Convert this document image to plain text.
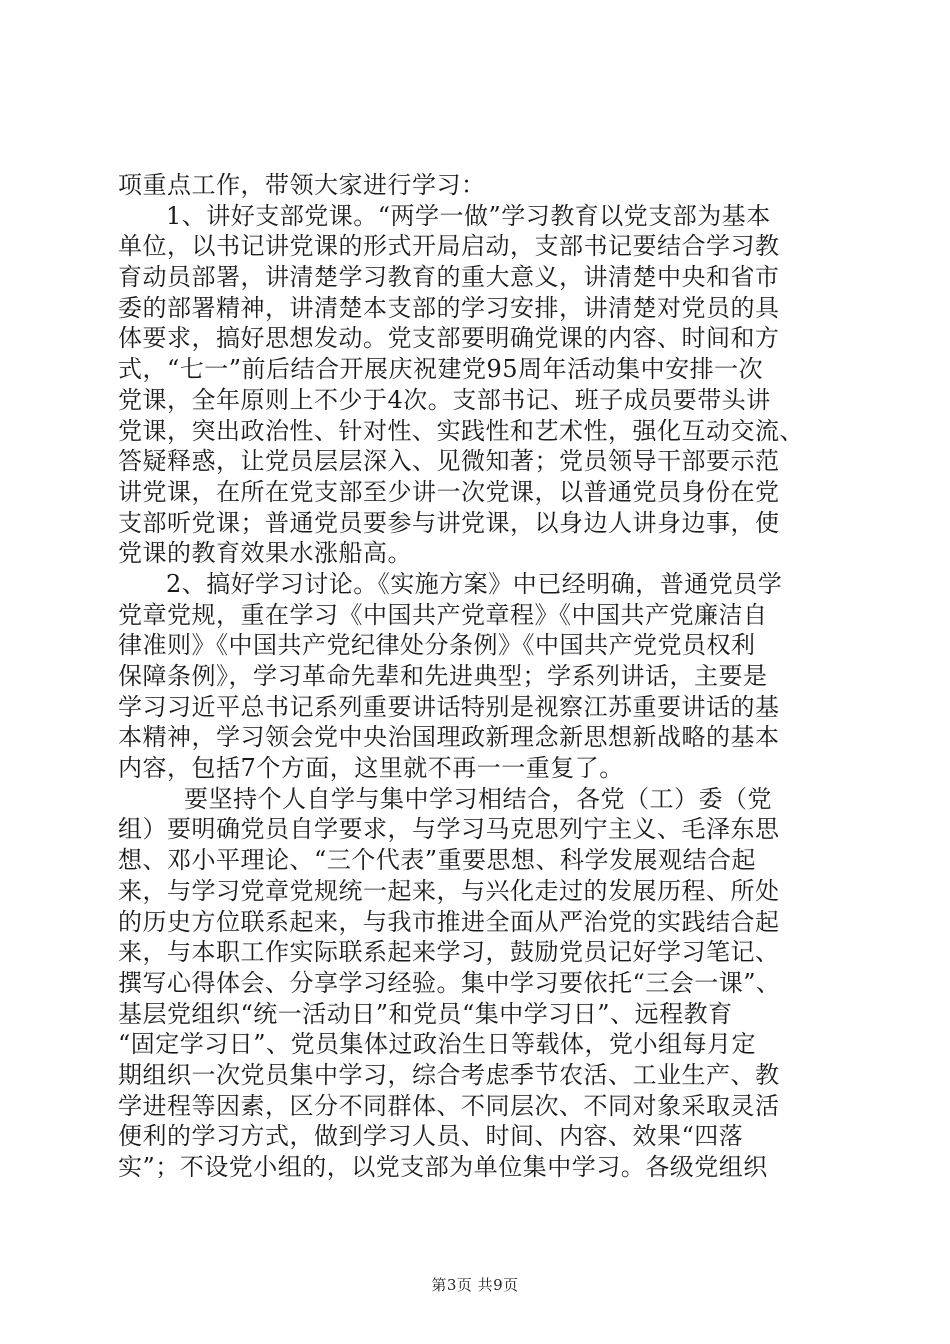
项重点工作，带领大家进行学习：
1、讲好支部党课。“两学一做”学习教育以党支部为基本
单位，以书记讲党课的形式开局启动，支部书记要结合学习教
育动员部署，讲清楚学习教育的重大意义，讲清楚中央和省市
委的部署精神，讲清楚本支部的学习安排，讲清楚对党员的具
体要求，搞好思想发动。党支部要明确党课的内容、时间和方
式，“七一”前后结合开展庆祝建党95周年活动集中安排一次
党课，全年原则上不少于4次。支部书记、班子成员要带头讲
党课，突出政治性、针对性、实践性和艺术性，强化互动交流、
答疑释惑，让党员层层深入、见微知著；党员领导干部要示范
讲党课，在所在党支部至少讲一次党课，以普通党员身份在党
支部听党课；普通党员要参与讲党课，以身边人讲身边事，使
党课的教育效果水涨船高。
2、搞好学习讨论。《实施方案》中已经明确，普通党员学
党章党规，重在学习《中国共产党章程》《中国共产党廉洁自
律准则》《中国共产党纪律处分条例》《中国共产党党员权利
保障条例》，学习革命先辈和先进典型；学系列讲话，主要是
学习习近平总书记系列重要讲话特别是视察江苏重要讲话的基
本精神，学习领会党中央治国理政新理念新思想新战略的基本
内容，包括7个方面，这里就不再一一重复了。
要坚持个人自学与集中学习相结合，各党（工）委（党
组）要明确党员自学要求，与学习马克思列宁主义、毛泽东思
想、邓小平理论、“三个代表”重要思想、科学发展观结合起
来，与学习党章党规统一起来，与兴化走过的发展历程、所处
的历史方位联系起来，与我市推进全面从严治党的实践结合起
来，与本职工作实际联系起来学习，鼓励党员记好学习笔记、
撰写心得体会、分享学习经验。集中学习要依托“三会一课”、
基层党组织“统一活动日”和党员“集中学习日”、远程教育
“固定学习日”、党员集体过政治生日等载体，党小组每月定
期组织一次党员集中学习，综合考虑季节农活、工业生产、教
学进程等因素，区分不同群体、不同层次、不同对象采取灵活
便利的学习方式，做到学习人员、时间、内容、效果“四落
实”；不设党小组的，以党支部为单位集中学习。各级党组织
第3页 共9页
